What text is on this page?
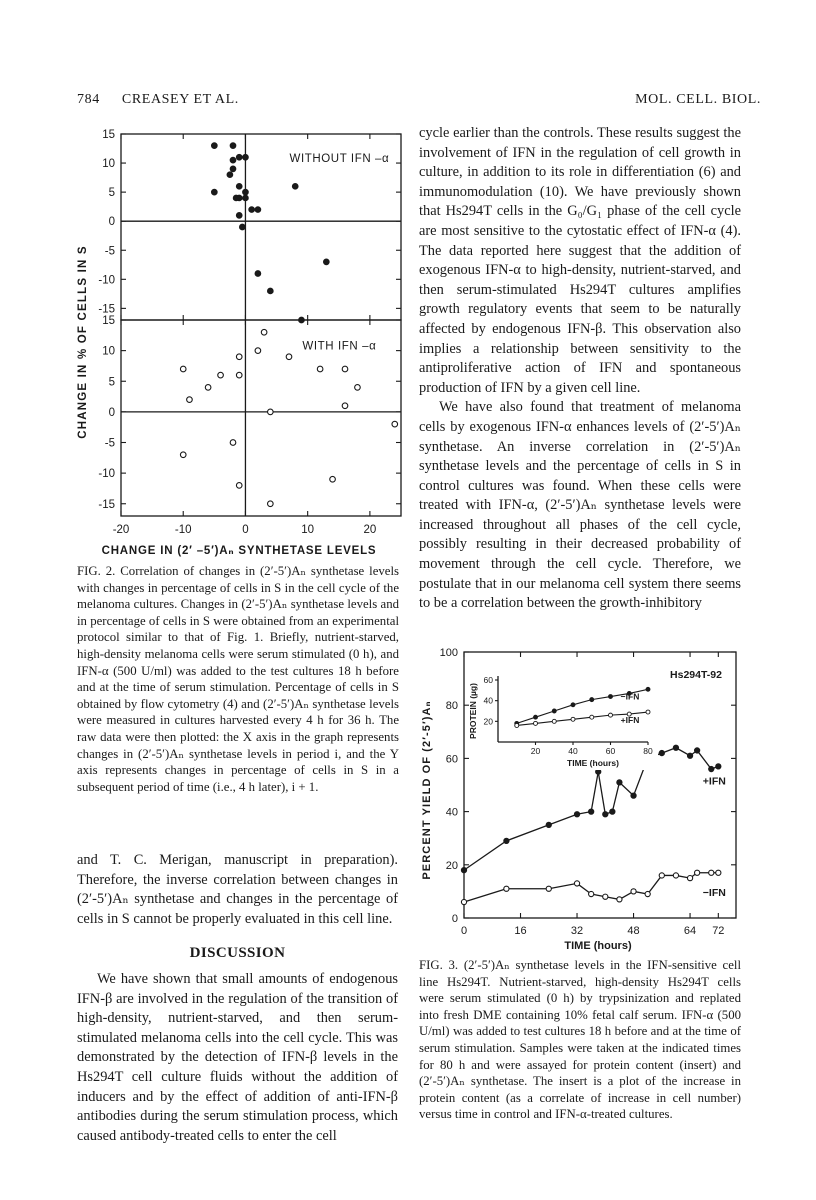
784 CREASEY ET AL.	MOL. CELL. BIOL.
CHANGE IN % OF CELLS IN S
15
10
5
0
-5
-10
-15
WITHOUT IFN –α
15
10
5
0
-5
-10
-15
WITH IFN –α
-20	-10	0	10	20
CHANGE IN (2′ –5′)Aₙ SYNTHETASE LEVELS
FIG. 2. Correlation of changes in (2′-5′)Aₙ synthetase levels with changes in percentage of cells in S in the cell cycle of the melanoma cultures. Changes in (2′-5′)Aₙ synthetase levels and in percentage of cells in S were obtained from an experimental protocol similar to that of Fig. 1. Briefly, nutrient-starved, high-density melanoma cells were serum stimulated (0 h), and IFN-α (500 U/ml) was added to the test cultures 18 h before and at the time of serum stimulation. Percentage of cells in S obtained by flow cytometry (4) and (2′-5′)Aₙ synthetase levels were measured in cultures harvested every 4 h for 36 h. The raw data were then plotted: the X axis in the graph represents changes in (2′-5′)Aₙ synthetase levels in period i, and the Y axis represents changes in percentage of cells in S in a subsequent period of time (i.e., 4 h later), i + 1.

and T. C. Merigan, manuscript in preparation). Therefore, the inverse correlation between changes in (2′-5′)Aₙ synthetase and changes in the percentage of cells in S cannot be properly evaluated in this cell line.

DISCUSSION

We have shown that small amounts of endogenous IFN-β are involved in the regulation of the transition of high-density, nutrient-starved, and then serum-stimulated melanoma cells into the cell cycle. This was demonstrated by the detection of IFN-β levels in the Hs294T cell culture fluids without the addition of inducers and by the effect of addition of anti-IFN-β antibodies during the serum stimulation process, which caused antibody-treated cells to enter the cell

cycle earlier than the controls. These results suggest the involvement of IFN in the regulation of cell growth in culture, in addition to its role in differentiation (6) and immunomodulation (10). We have previously shown that Hs294T cells in the G₀/G₁ phase of the cell cycle are most sensitive to the cytostatic effect of IFN-α (4). The data reported here suggest that the addition of exogenous IFN-α to high-density, nutrient-starved, and then serum-stimulated Hs294T cultures amplifies growth regulatory events that seem to be naturally affected by endogenous IFN-β. This observation also implies a relationship between sensitivity to the antiproliferative action of IFN and spontaneous production of IFN by a given cell line.

We have also found that treatment of melanoma cells by exogenous IFN-α enhances levels of (2′-5′)Aₙ synthetase. An inverse correlation in (2′-5′)Aₙ synthetase levels and the percentage of cells in S in control cultures was found. When these cells were treated with IFN-α, (2′-5′)Aₙ synthetase levels were increased throughout all phases of the cell cycle, possibly resulting in their decreased probability of movement through the cell cycle. Therefore, we postulate that in our melanoma cell system there seems to be a correlation between the growth-inhibitory

PERCENT YIELD OF (2′-5′)Aₙ
0
20
40
60
80
100
0	16	32	48	64 72
Hs294T-92
+IFN
−IFN
20
40
60
20	40	60	80
TIME (hours)
PROTEIN (µg)	−IFN
+IFN
TIME (hours)
FIG. 3. (2′-5′)Aₙ synthetase levels in the IFN-sensitive cell line Hs294T. Nutrient-starved, high-density Hs294T cells were serum stimulated (0 h) by trypsinization and replated into fresh DME containing 10% fetal calf serum. IFN-α (500 U/ml) was added to test cultures 18 h before and at the time of serum stimulation. Samples were taken at the indicated times for 80 h and were assayed for protein content (insert) and (2′-5′)Aₙ synthetase. The insert is a plot of the increase in protein content (as a correlate of increase in cell number) versus time in control and IFN-α-treated cultures.
